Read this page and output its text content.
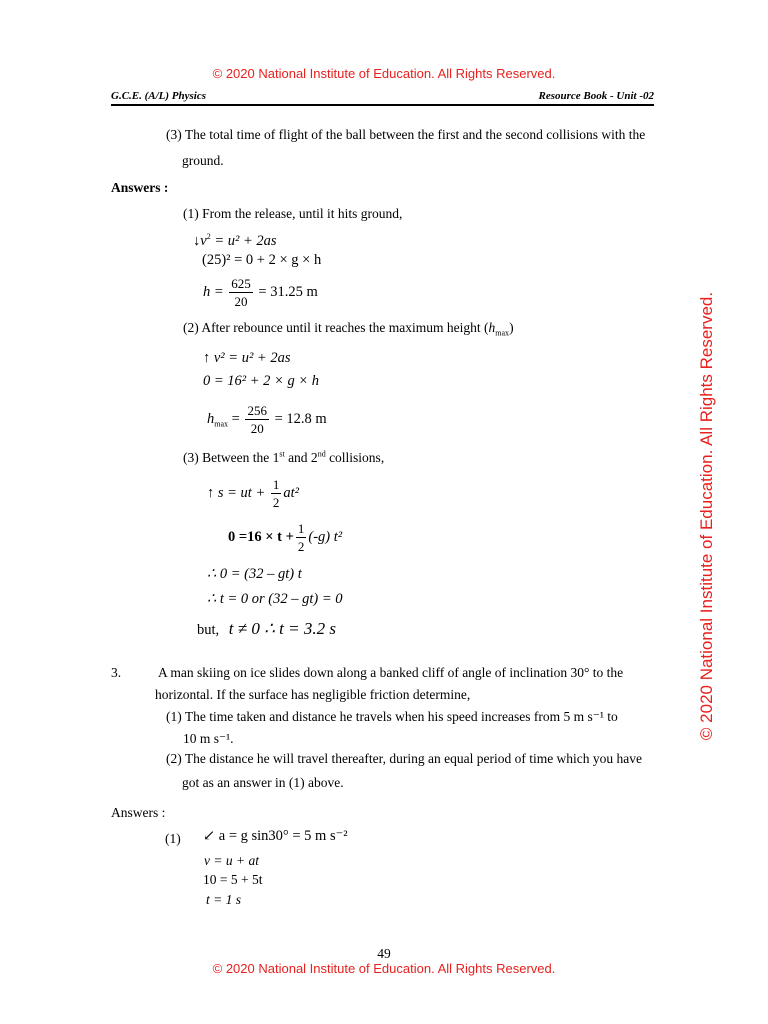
© 2020 National Institute of Education. All Rights Reserved.
G.C.E. (A/L) Physics	Resource Book - Unit -02
(3) The total time of flight of the ball between the first and the second collisions with the
ground.
Answers :
(1) From the release, until it hits ground,
$↓v^2 = u^2 + 2as$
(25)² = 0 + 2 × g × h
$h = \frac{625}{20} = 31.25$ m
(2) After rebounce until it reaches the maximum height $(h_{max})$
↑ v² = u² + 2as
0 = 16² + 2 × g × h
$h_{max} = \frac{256}{20} = 12.8$ m
(3) Between the 1st and 2nd collisions,
↑ s = ut + $\frac{1}{2} at^2$
$0 =16 \times t + \frac{1}{2} (-g)$ t²
∴ 0 = (32 – gt) t
∴ t = 0 or (32 – gt) = 0
but, t ≠ 0 ∴ t = 3.2 s
3.	A man skiing on ice slides down along a banked cliff of angle of inclination 30° to the
horizontal. If the surface has negligible friction determine,
(1) The time taken and distance he travels when his speed increases from 5 m s⁻¹ to
10 m s⁻¹.
(2) The distance he will travel thereafter, during an equal period of time which you have
got as an answer in (1) above.
Answers :
(1) ↙ a = g sin30° = 5 m s⁻²
v = u + at
10 = 5 + 5t
t = 1 s
49
© 2020 National Institute of Education. All Rights Reserved.
© 2020 National Institute of Education. All Rights Reserved.
